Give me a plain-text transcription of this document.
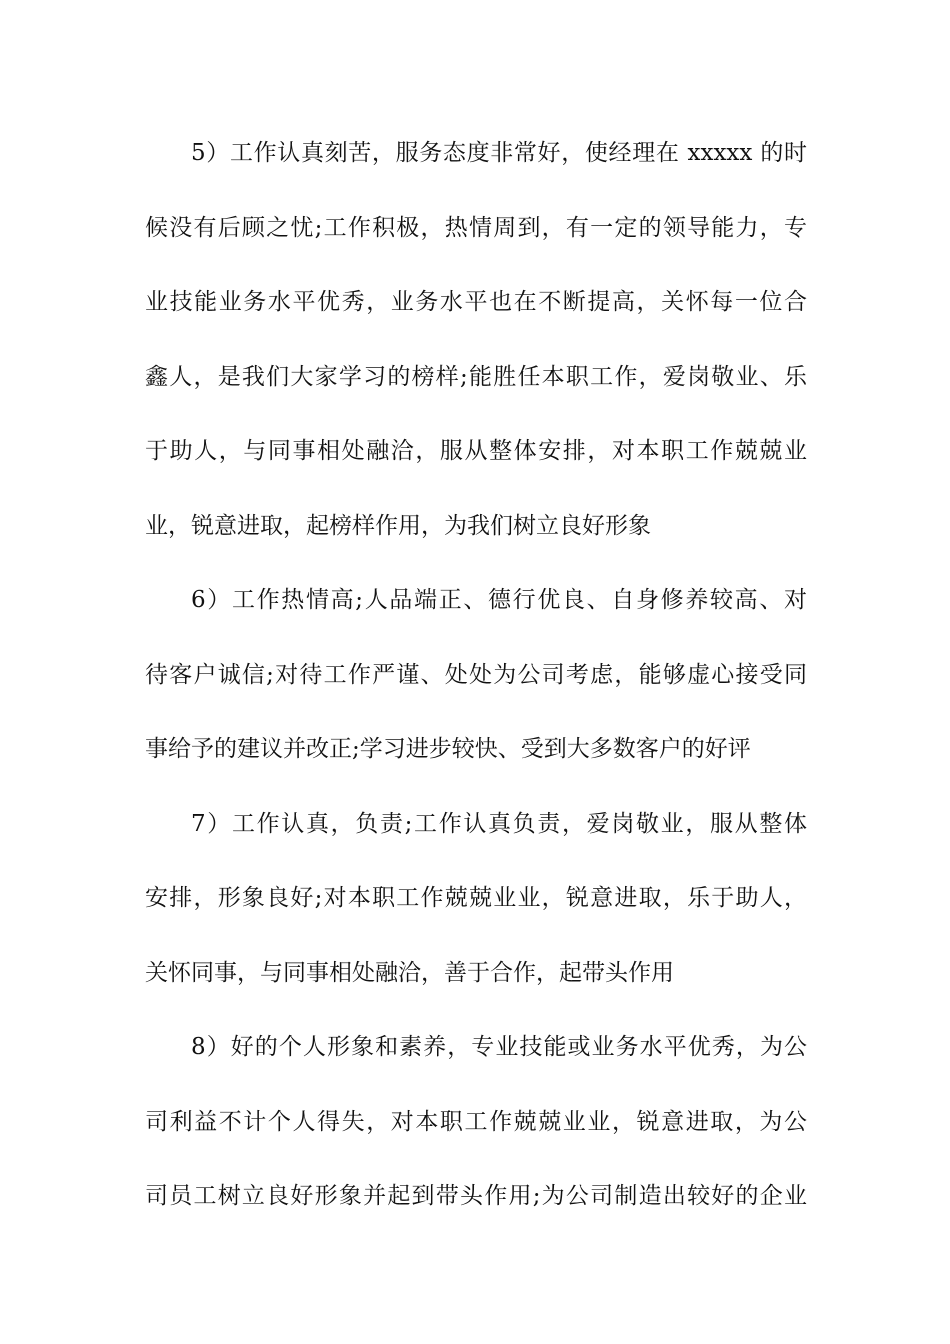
5）工作认真刻苦，服务态度非常好，使经理在 xxxxx 的时
候没有后顾之忧;工作积极，热情周到，有一定的领导能力，专
业技能业务水平优秀，业务水平也在不断提高，关怀每一位合
鑫人，是我们大家学习的榜样;能胜任本职工作，爱岗敬业、乐
于助人，与同事相处融洽，服从整体安排，对本职工作兢兢业
业，锐意进取，起榜样作用，为我们树立良好形象
6）工作热情高;人品端正、德行优良、自身修养较高、对
待客户诚信;对待工作严谨、处处为公司考虑，能够虚心接受同
事给予的建议并改正;学习进步较快、受到大多数客户的好评
7）工作认真，负责;工作认真负责，爱岗敬业，服从整体
安排，形象良好;对本职工作兢兢业业，锐意进取，乐于助人，
关怀同事，与同事相处融洽，善于合作，起带头作用
8）好的个人形象和素养，专业技能或业务水平优秀，为公
司利益不计个人得失，对本职工作兢兢业业，锐意进取，为公
司员工树立良好形象并起到带头作用;为公司制造出较好的企业
